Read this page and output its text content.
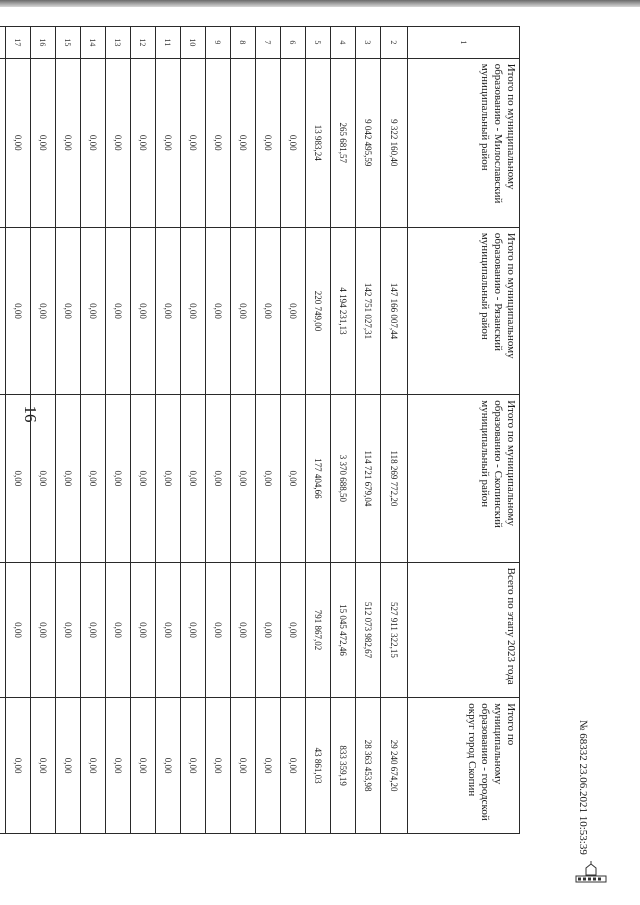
16
1	Итого по муниципальному образованию - Милославский муниципальный район	Итого по муниципальному образованию - Рязанский муниципальный район	Итого по муниципальному образованию - Скопинский муниципальный район	Всего по этапу 2023 года	Итого по муниципальному образованию - городской округ город Скопин
2	9 322 160,40	147 166 007,44	118 269 772,20	527 911 322,15	29 240 674,20
3	9 042 495,59	142 751 027,31	114 721 679,04	512 073 982,67	28 363 453,98
4	265 681,57	4 194 231,13	3 370 688,50	15 045 472,46	833 359,19
5	13 983,24	220 749,00	177 404,66	791 867,02	43 861,03
6	0,00	0,00	0,00	0,00	0,00
7	0,00	0,00	0,00	0,00	0,00
8	0,00	0,00	0,00	0,00	0,00
9	0,00	0,00	0,00	0,00	0,00
10	0,00	0,00	0,00	0,00	0,00
11	0,00	0,00	0,00	0,00	0,00
12	0,00	0,00	0,00	0,00	0,00
13	0,00	0,00	0,00	0,00	0,00
14	0,00	0,00	0,00	0,00	0,00
15	0,00	0,00	0,00	0,00	0,00
16	0,00	0,00	0,00	0,00	0,00
17	0,00	0,00	0,00	0,00	0,00

						№ 68332 23.06.2021 10:53:39
